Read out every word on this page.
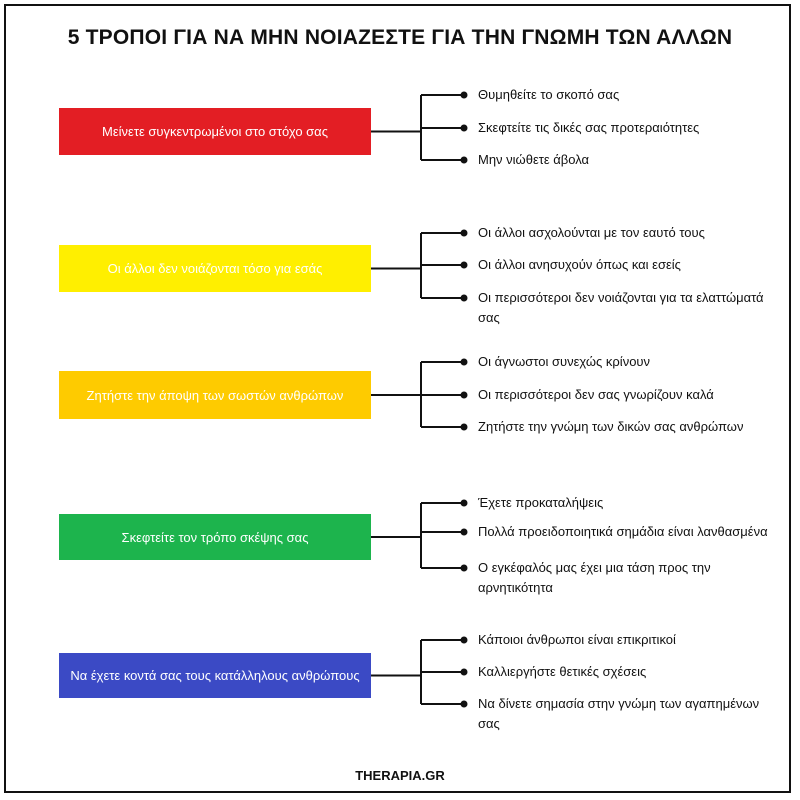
5 ΤΡΟΠΟΙ ΓΙΑ ΝΑ ΜΗΝ ΝΟΙΑΖΕΣΤΕ ΓΙΑ ΤΗΝ ΓΝΩΜΗ ΤΩΝ ΑΛΛΩΝ
Μείνετε συγκεντρωμένοι στο στόχο σας
Θυμηθείτε το σκοπό σας
Σκεφτείτε τις δικές σας προτεραιότητες
Μην νιώθετε άβολα
Οι άλλοι δεν νοιάζονται τόσο για εσάς
Οι άλλοι ασχολούνται με τον εαυτό τους
Οι άλλοι ανησυχούν όπως και εσείς
Οι περισσότεροι δεν νοιάζονται για τα ελαττώματά σας
Ζητήστε την άποψη των σωστών ανθρώπων
Οι άγνωστοι συνεχώς κρίνουν
Οι περισσότεροι δεν σας γνωρίζουν καλά
Ζητήστε την γνώμη των δικών σας ανθρώπων
Σκεφτείτε τον τρόπο σκέψης σας
Έχετε προκαταλήψεις
Πολλά προειδοποιητικά σημάδια είναι λανθασμένα
Ο εγκέφαλός μας έχει μια τάση προς την αρνητικότητα
Να έχετε κοντά σας τους κατάλληλους ανθρώπους
Κάποιοι άνθρωποι είναι επικριτικοί
Καλλιεργήστε θετικές σχέσεις
Να δίνετε σημασία στην γνώμη των αγαπημένων σας
THERAPIA.GR
